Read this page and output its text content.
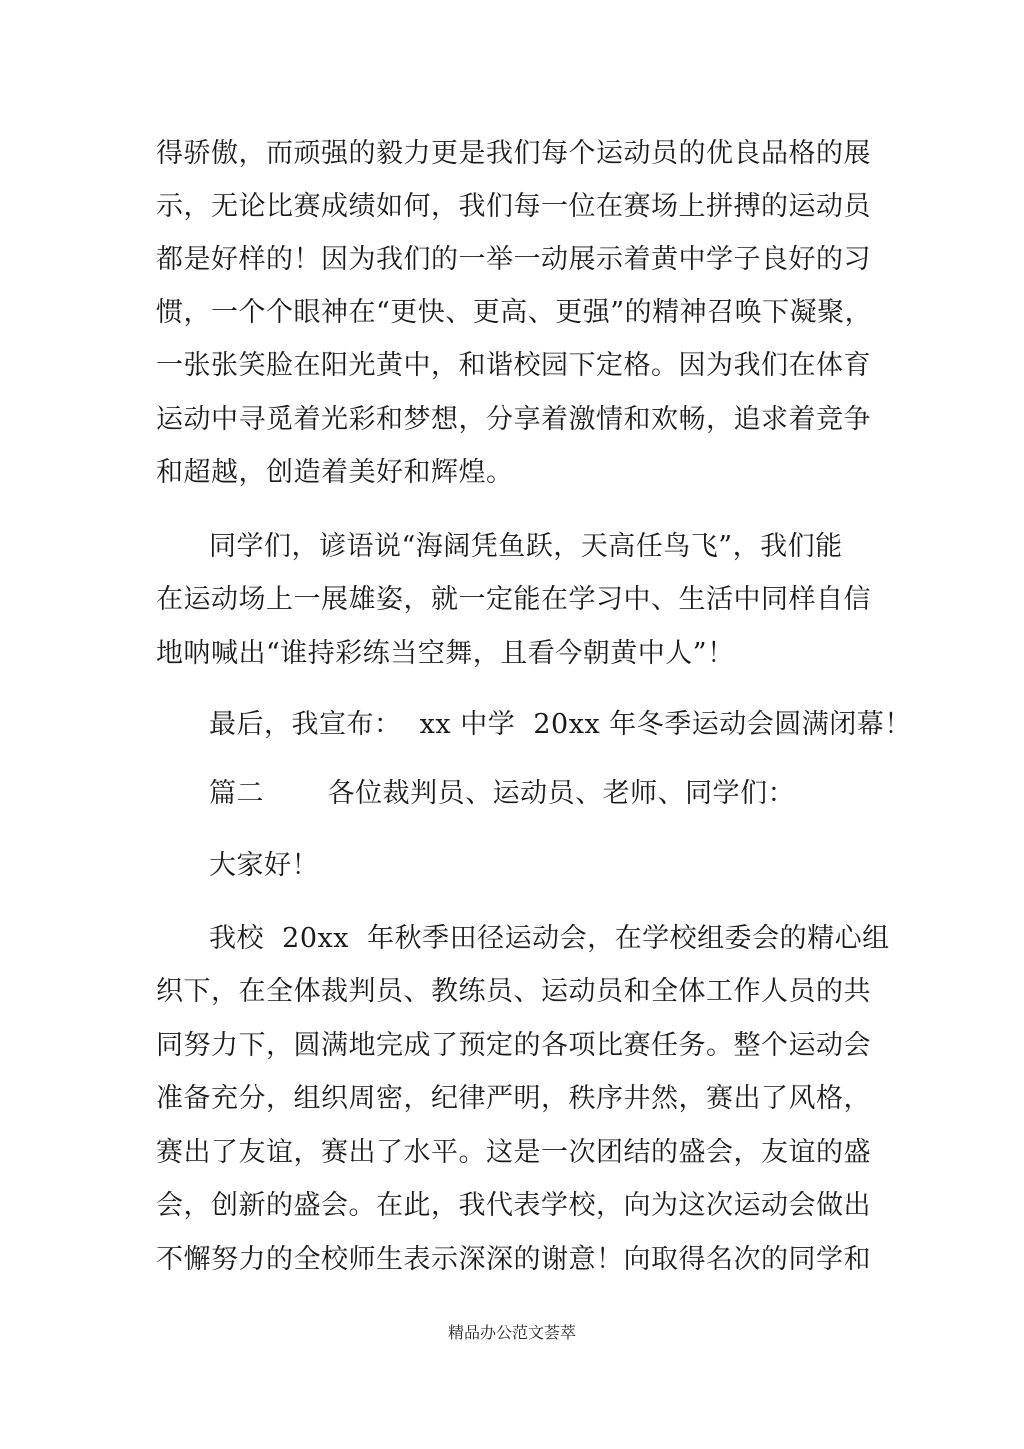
得骄傲，而顽强的毅力更是我们每个运动员的优良品格的展
示，无论比赛成绩如何，我们每一位在赛场上拼搏的运动员
都是好样的！因为我们的一举一动展示着黄中学子良好的习
惯，一个个眼神在“更快、更高、更强”的精神召唤下凝聚，
一张张笑脸在阳光黄中，和谐校园下定格。因为我们在体育
运动中寻觅着光彩和梦想，分享着激情和欢畅，追求着竞争
和超越，创造着美好和辉煌。
同学们，谚语说“海阔凭鱼跃，天高任鸟飞”，我们能
在运动场上一展雄姿，就一定能在学习中、生活中同样自信
地呐喊出“谁持彩练当空舞，且看今朝黄中人”！
最后，我宣布：  xx 中学  20xx 年冬季运动会圆满闭幕！
篇二       各位裁判员、运动员、老师、同学们：
大家好！
我校  20xx  年秋季田径运动会，在学校组委会的精心组
织下，在全体裁判员、教练员、运动员和全体工作人员的共
同努力下，圆满地完成了预定的各项比赛任务。整个运动会
准备充分，组织周密，纪律严明，秩序井然，赛出了风格，
赛出了友谊，赛出了水平。这是一次团结的盛会，友谊的盛
会，创新的盛会。在此，我代表学校，向为这次运动会做出
不懈努力的全校师生表示深深的谢意！向取得名次的同学和
精品办公范文荟萃
